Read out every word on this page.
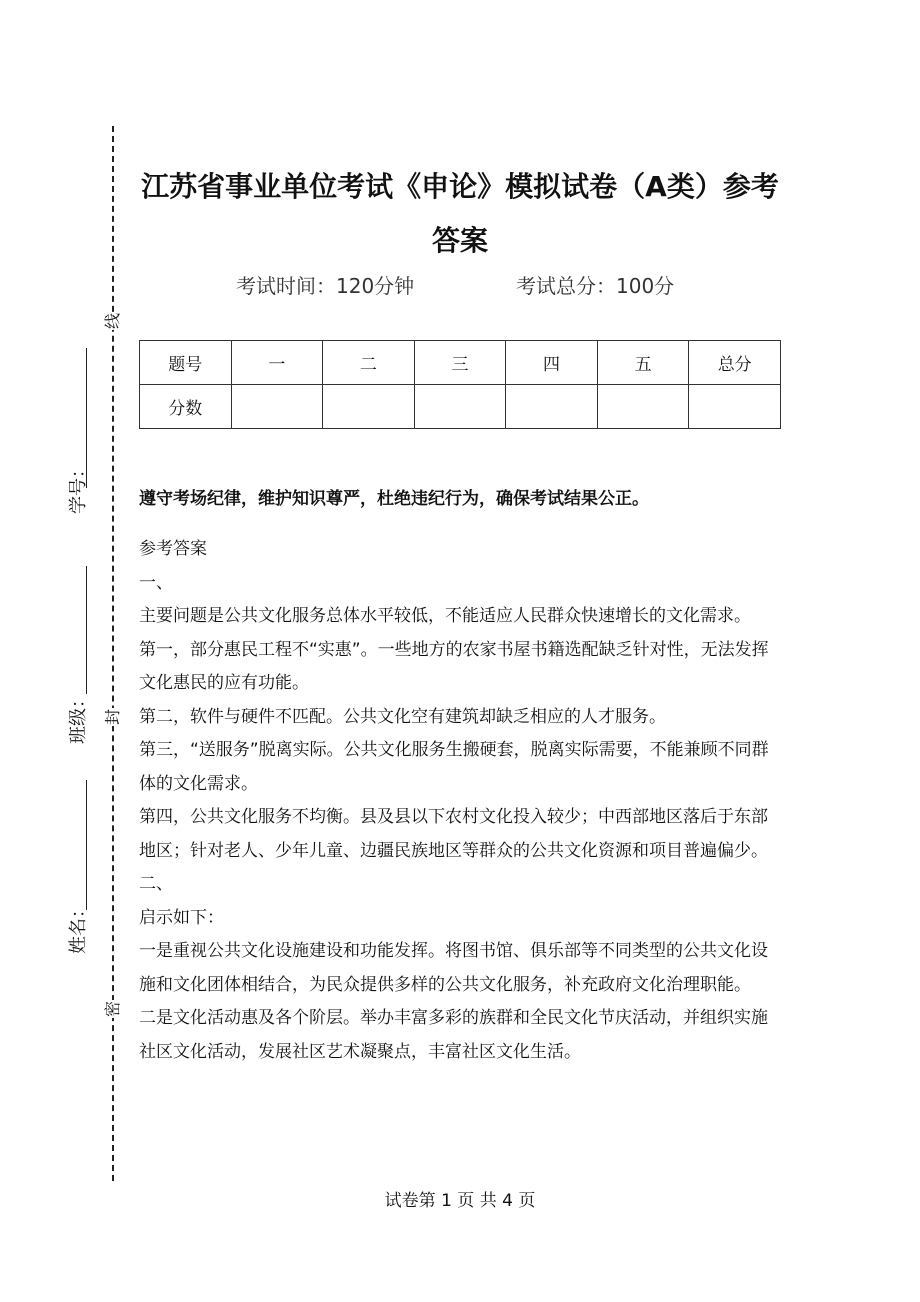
线
封
密
学号：
班级：
姓名：
江苏省事业单位考试《申论》模拟试卷（A类）参考答案
考试时间：120分钟	考试总分：100分
题号	一	二	三	四	五	总分
分数						

遵守考场纪律，维护知识尊严，杜绝违纪行为，确保考试结果公正。

参考答案

一、

主要问题是公共文化服务总体水平较低，不能适应人民群众快速增长的文化需求。

第一，部分惠民工程不“实惠”。一些地方的农家书屋书籍选配缺乏针对性，无法发挥文化惠民的应有功能。

第二，软件与硬件不匹配。公共文化空有建筑却缺乏相应的人才服务。

第三，“送服务”脱离实际。公共文化服务生搬硬套，脱离实际需要，不能兼顾不同群体的文化需求。

第四，公共文化服务不均衡。县及县以下农村文化投入较少；中西部地区落后于东部地区；针对老人、少年儿童、边疆民族地区等群众的公共文化资源和项目普遍偏少。

二、

启示如下：

一是重视公共文化设施建设和功能发挥。将图书馆、俱乐部等不同类型的公共文化设施和文化团体相结合，为民众提供多样的公共文化服务，补充政府文化治理职能。

二是文化活动惠及各个阶层。举办丰富多彩的族群和全民文化节庆活动，并组织实施社区文化活动，发展社区艺术凝聚点，丰富社区文化生活。

试卷第 1 页 共 4 页
